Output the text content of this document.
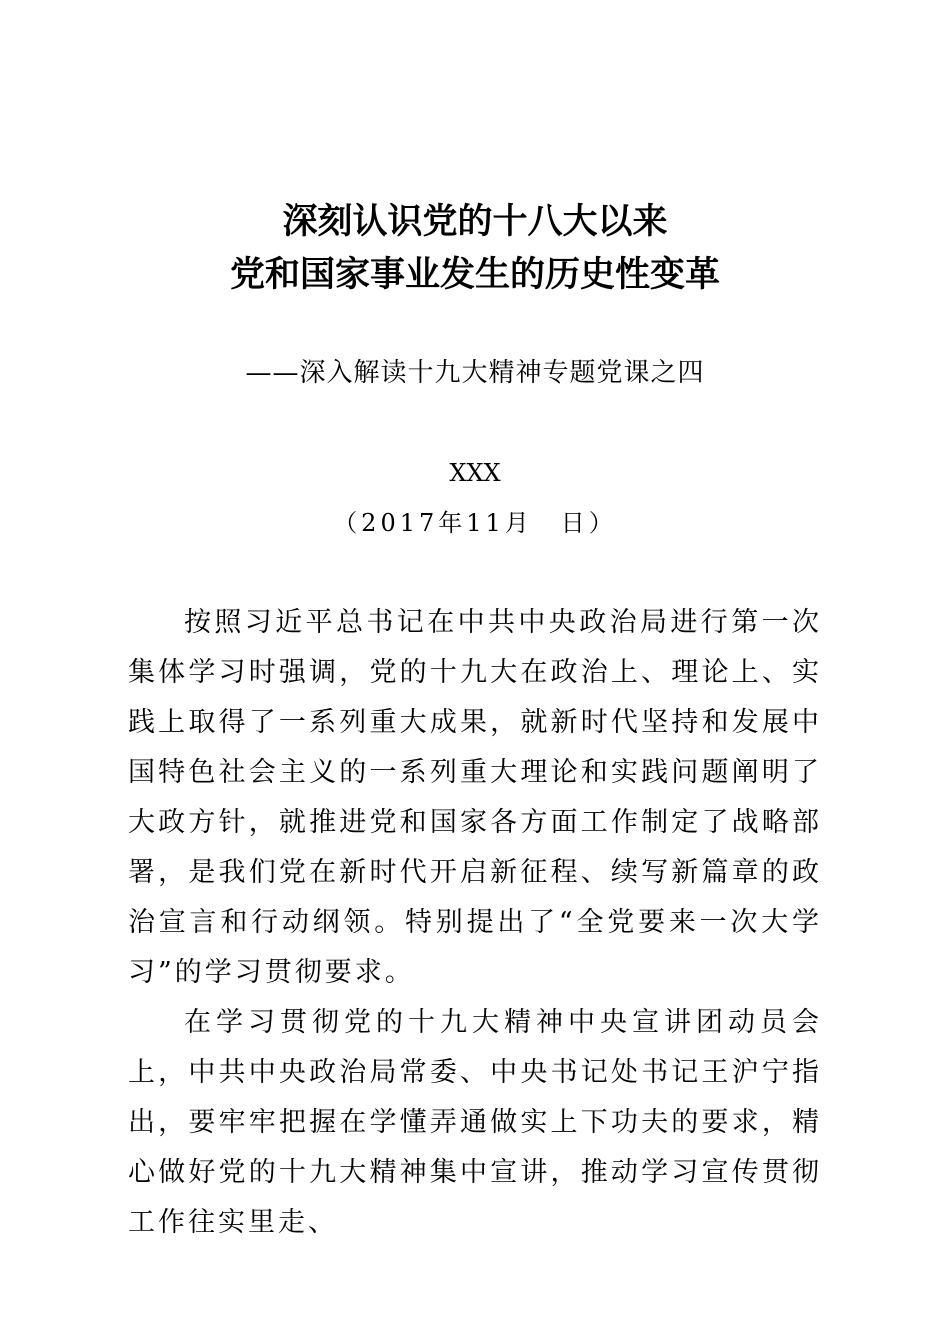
深刻认识党的十八大以来
党和国家事业发生的历史性变革
——深入解读十九大精神专题党课之四
XXX
（2017年11月　日）

按照习近平总书记在中共中央政治局进行第一次集体学习时强调，党的十九大在政治上、理论上、实践上取得了一系列重大成果，就新时代坚持和发展中国特色社会主义的一系列重大理论和实践问题阐明了大政方针，就推进党和国家各方面工作制定了战略部署，是我们党在新时代开启新征程、续写新篇章的政治宣言和行动纲领。特别提出了“全党要来一次大学习”的学习贯彻要求。

在学习贯彻党的十九大精神中央宣讲团动员会上，中共中央政治局常委、中央书记处书记王沪宁指出，要牢牢把握在学懂弄通做实上下功夫的要求，精心做好党的十九大精神集中宣讲，推动学习宣传贯彻工作往实里走、
